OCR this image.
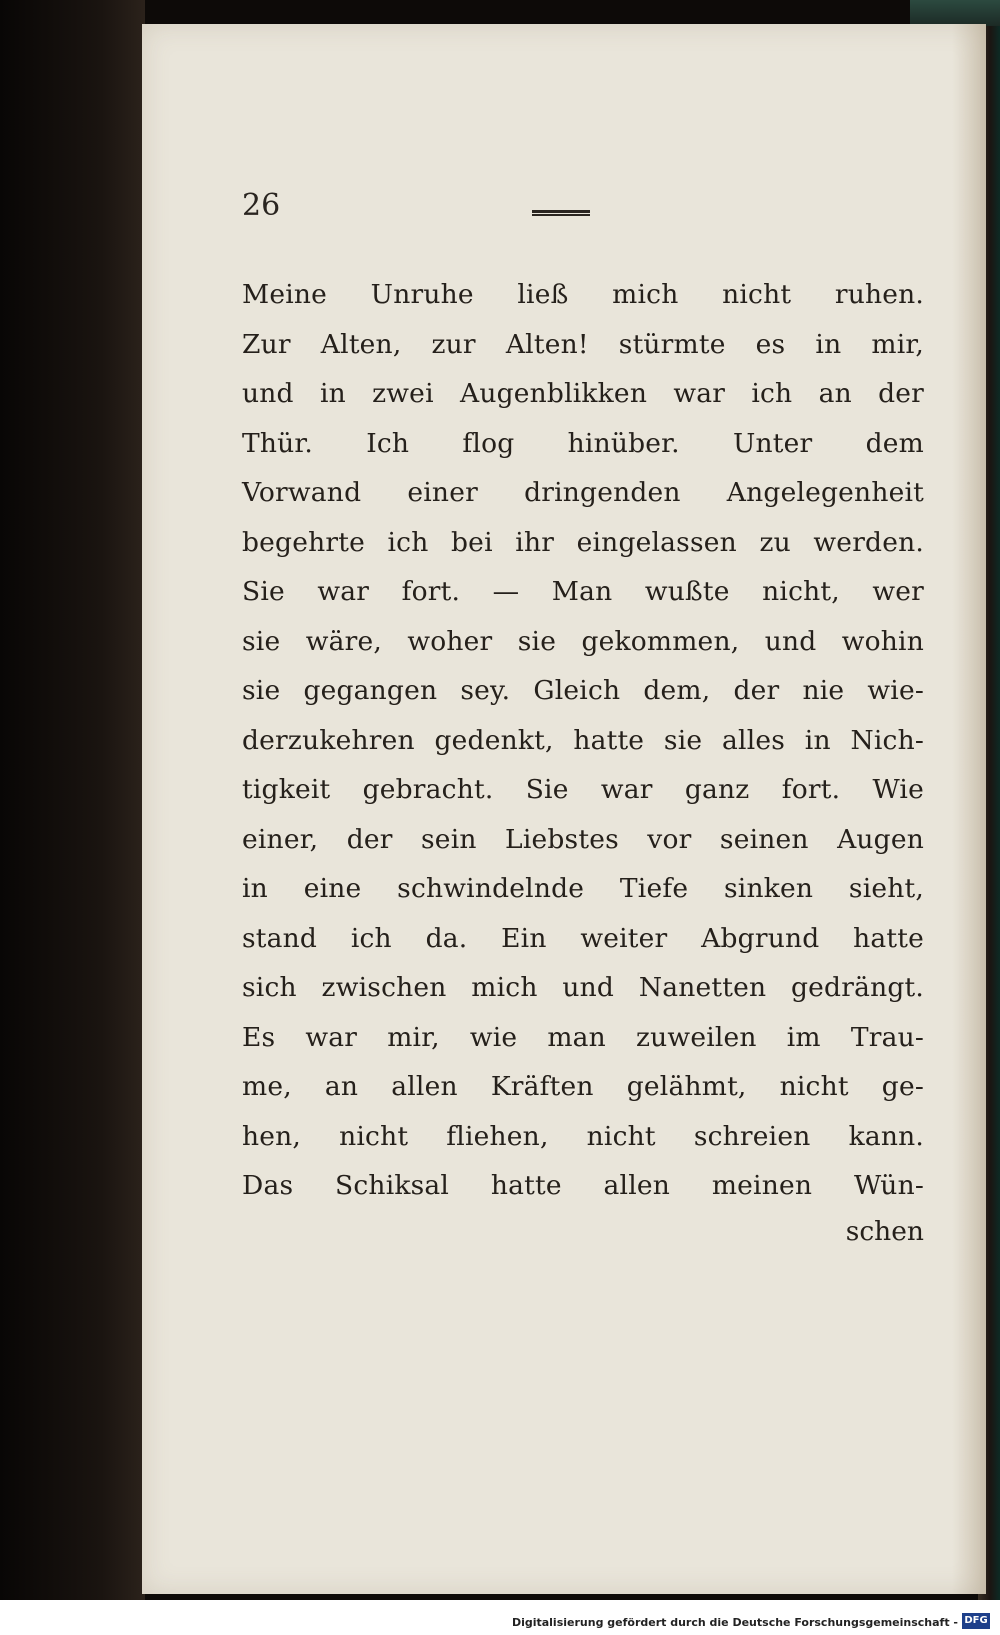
26
Meine Unruhe ließ mich nicht ruhen.
Zur Alten, zur Alten! stürmte es in mir,
und in zwei Augenblikken war ich an der
Thür. Ich flog hinüber. Unter dem
Vorwand einer dringenden Angelegenheit
begehrte ich bei ihr eingelassen zu werden.
Sie war fort. — Man wußte nicht, wer
sie wäre, woher sie gekommen, und wohin
sie gegangen sey. Gleich dem, der nie wie-
derzukehren gedenkt, hatte sie alles in Nich-
tigkeit gebracht. Sie war ganz fort. Wie
einer, der sein Liebstes vor seinen Augen
in eine schwindelnde Tiefe sinken sieht,
stand ich da. Ein weiter Abgrund hatte
sich zwischen mich und Nanetten gedrängt.
Es war mir, wie man zuweilen im Trau-
me, an allen Kräften gelähmt, nicht ge-
hen, nicht fliehen, nicht schreien kann.
Das Schiksal hatte allen meinen Wün-
schen
Digitalisierung gefördert durch die Deutsche Forschungsgemeinschaft - DFG
